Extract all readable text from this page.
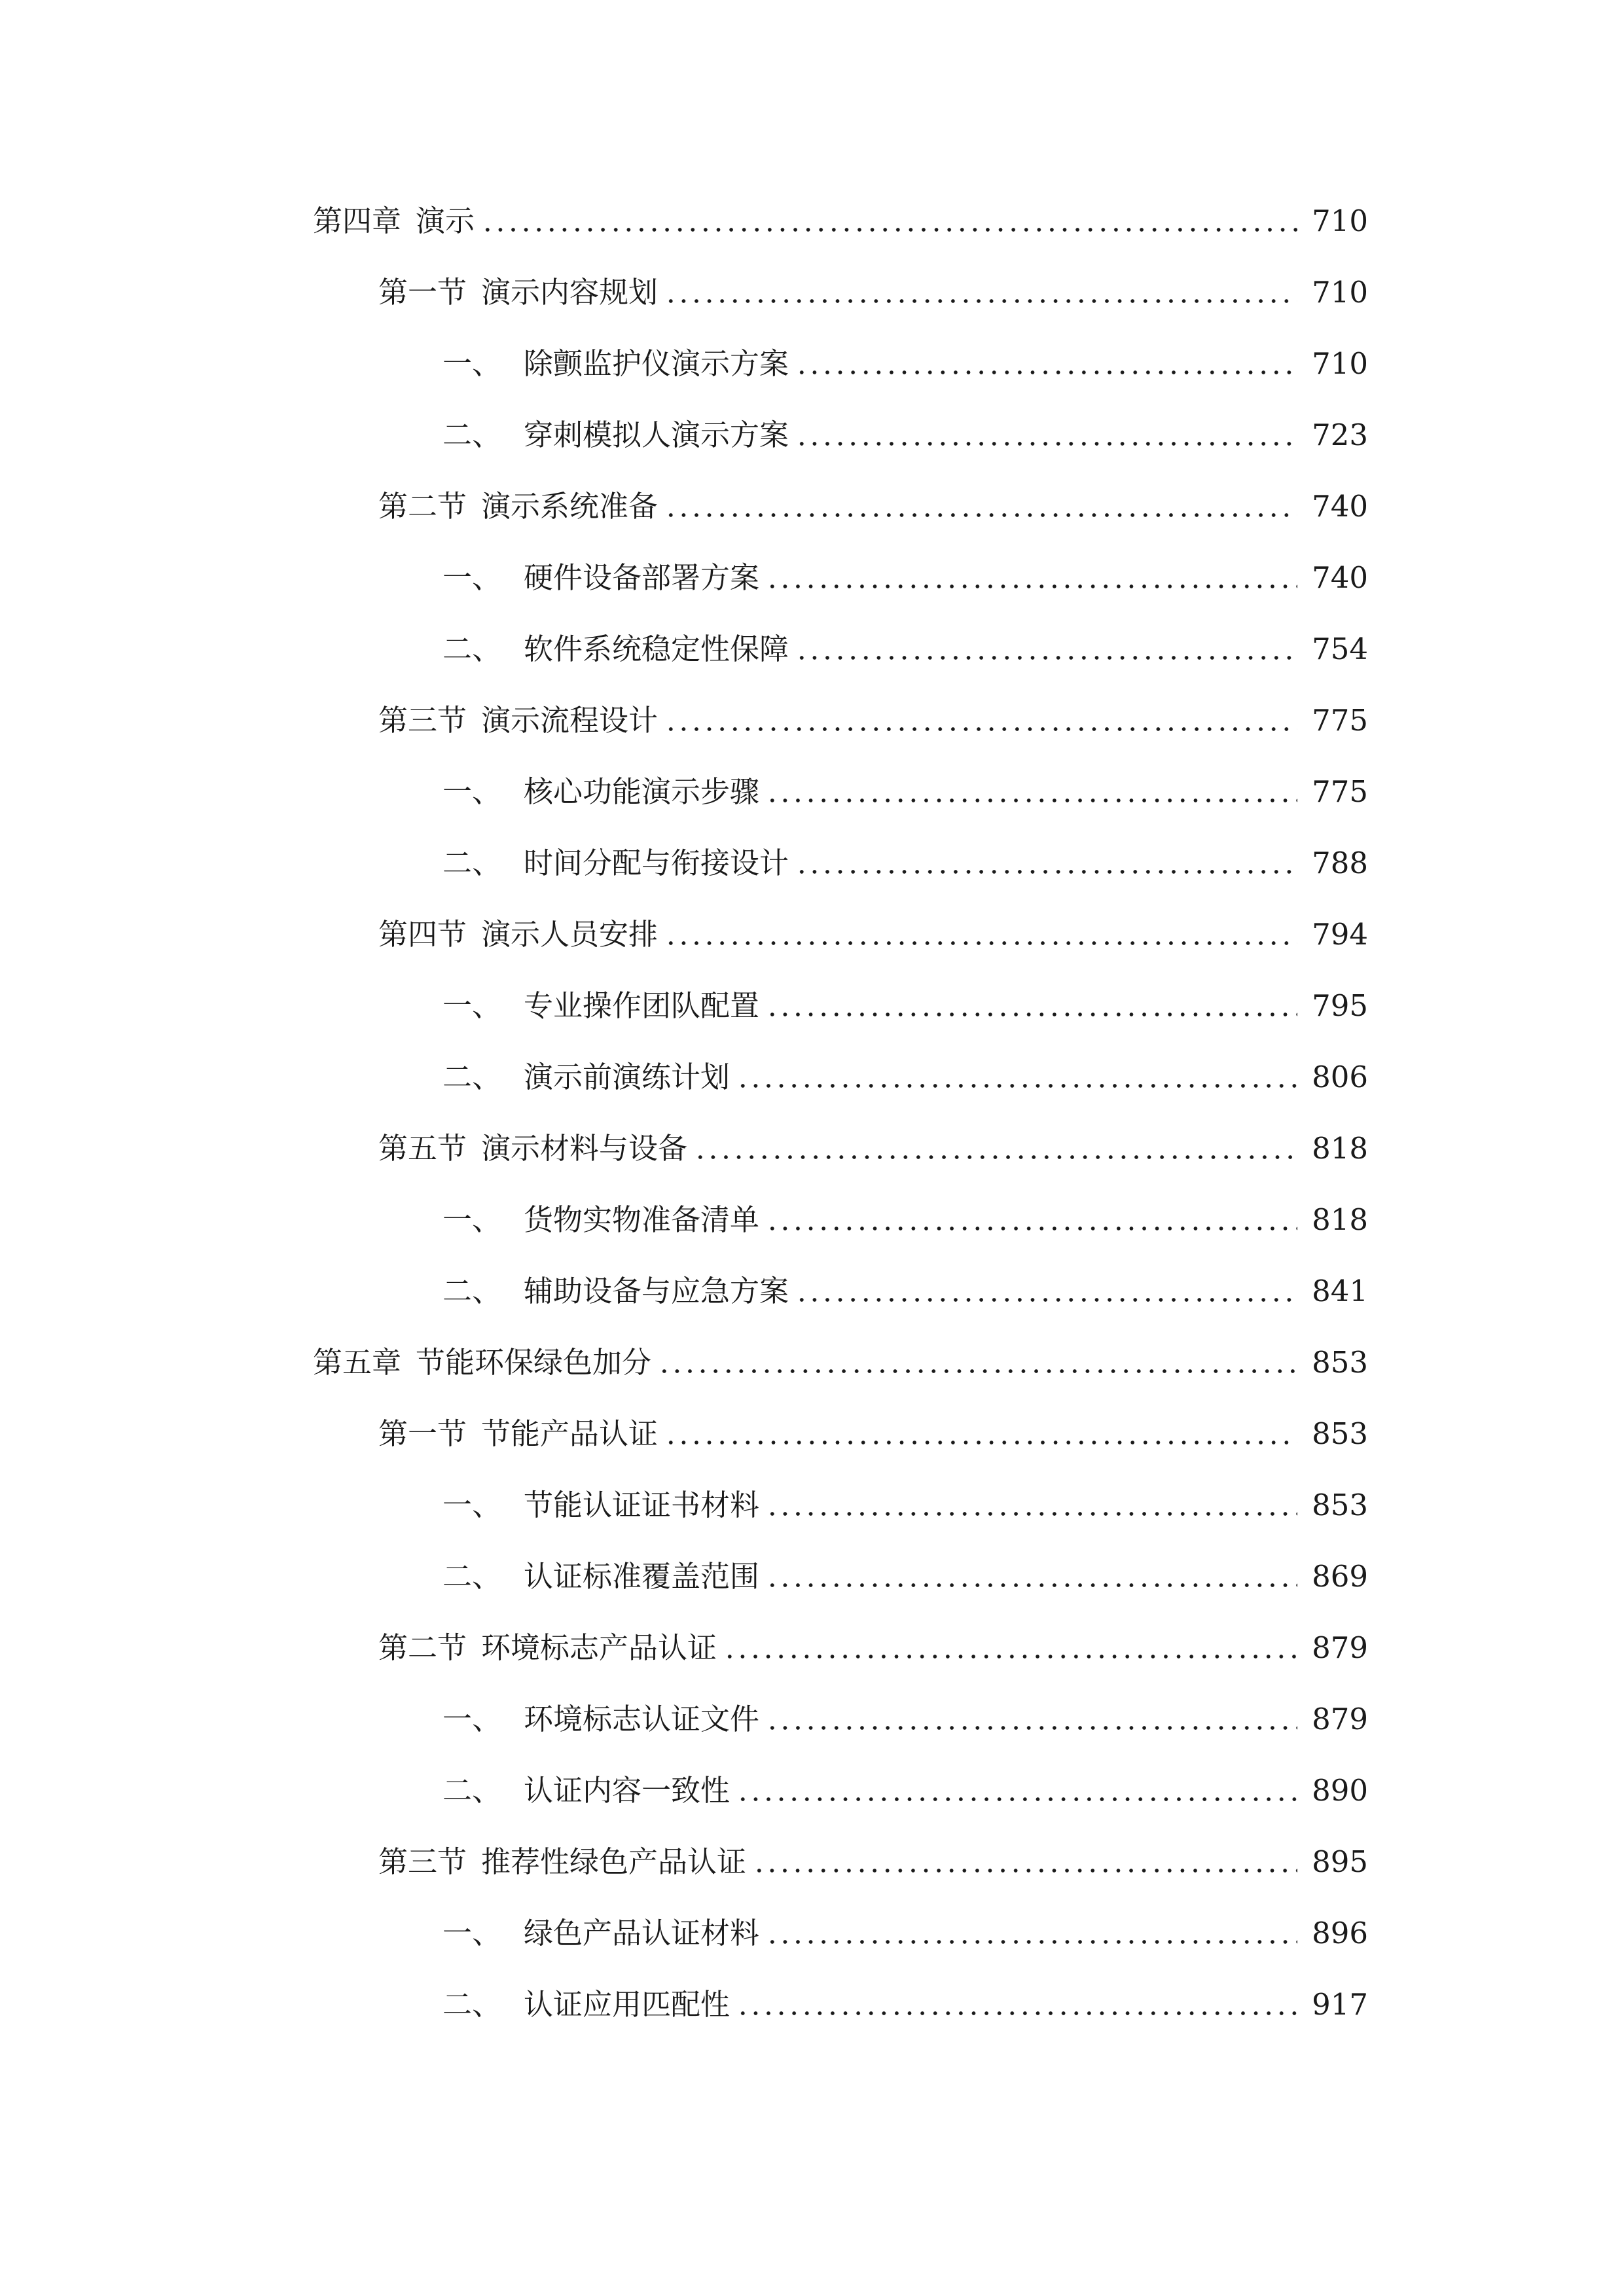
第四章 演示	710
第一节 演示内容规划	710
一、 除颤监护仪演示方案	710
二、 穿刺模拟人演示方案	723
第二节 演示系统准备	740
一、 硬件设备部署方案	740
二、 软件系统稳定性保障	754
第三节 演示流程设计	775
一、 核心功能演示步骤	775
二、 时间分配与衔接设计	788
第四节 演示人员安排	794
一、 专业操作团队配置	795
二、 演示前演练计划	806
第五节 演示材料与设备	818
一、 货物实物准备清单	818
二、 辅助设备与应急方案	841
第五章 节能环保绿色加分	853
第一节 节能产品认证	853
一、 节能认证证书材料	853
二、 认证标准覆盖范围	869
第二节 环境标志产品认证	879
一、 环境标志认证文件	879
二、 认证内容一致性	890
第三节 推荐性绿色产品认证	895
一、 绿色产品认证材料	896
二、 认证应用匹配性	917
